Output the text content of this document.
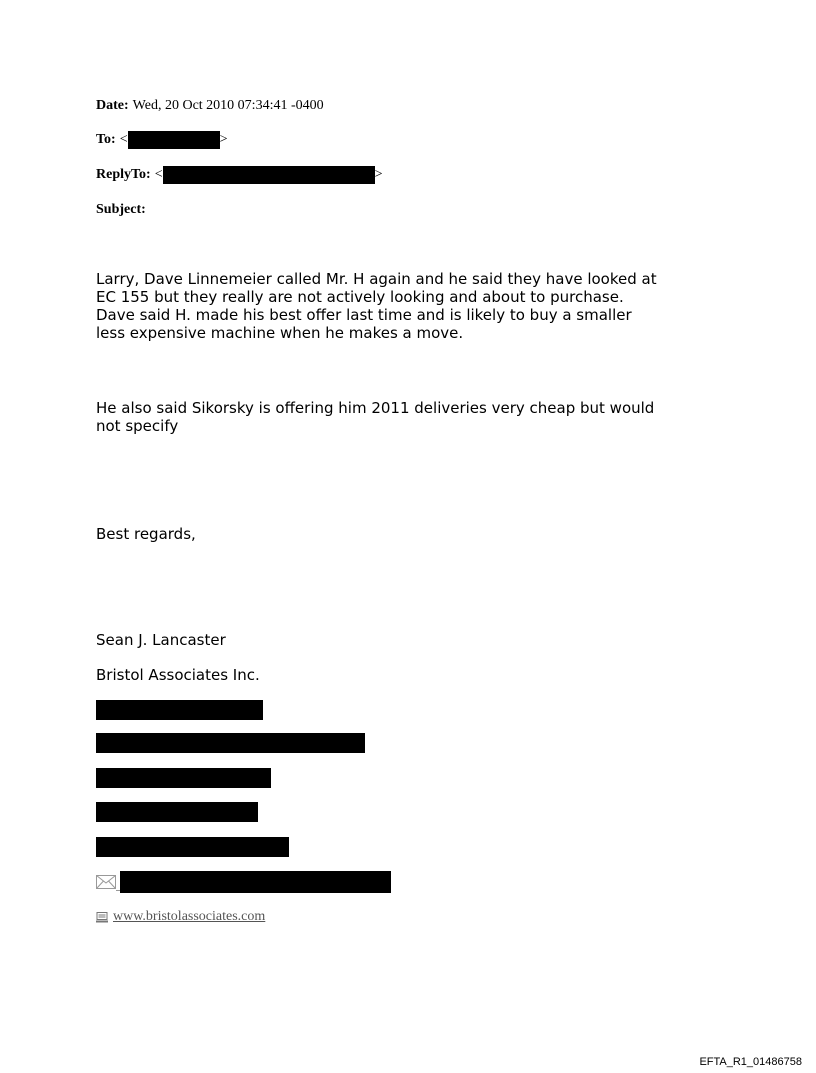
Date: Wed, 20 Oct 2010 07:34:41 -0400
To: <	>
ReplyTo: <	>
Subject:
Larry, Dave Linnemeier called Mr. H again and he said they have looked at
EC 155 but they really are not actively looking and about to purchase.
Dave said H. made his best offer last time and is likely to buy a smaller
less expensive machine when he makes a move.
He also said Sikorsky is offering him 2011 deliveries very cheap but would
not specify
Best regards,
Sean J. Lancaster
Bristol Associates Inc.
www.bristolassociates.com
EFTA_R1_01486758
